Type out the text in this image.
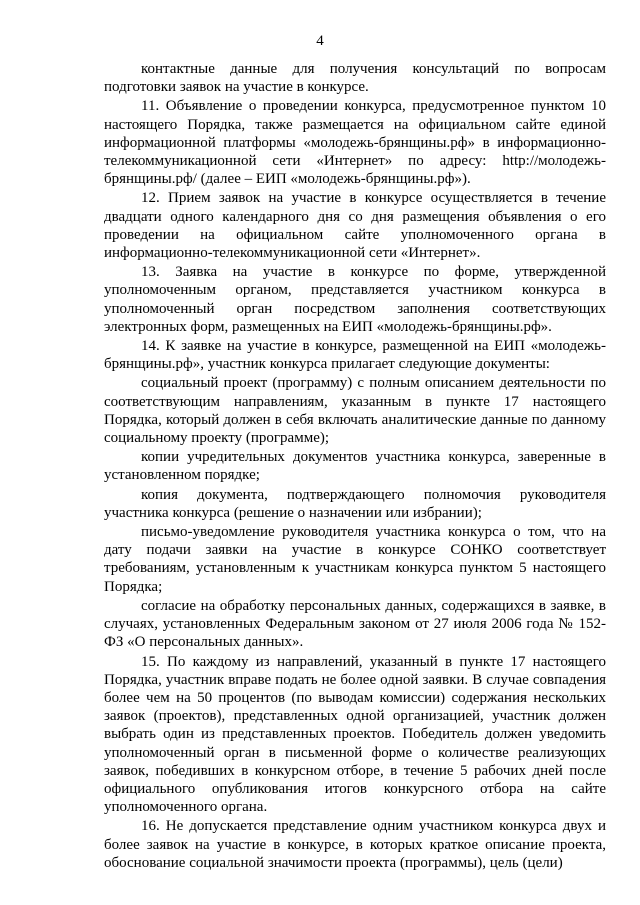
4

контактные данные для получения консультаций по вопросам подготовки заявок на участие в конкурсе.

11. Объявление о проведении конкурса, предусмотренное пунктом 10 настоящего Порядка, также размещается на официальном сайте единой информационной платформы «молодежь-брянщины.рф» в информационно-телекоммуникационной сети «Интернет» по адресу: http://молодежь-брянщины.рф/ (далее – ЕИП «молодежь-брянщины.рф»).

12. Прием заявок на участие в конкурсе осуществляется в течение двадцати одного календарного дня со дня размещения объявления о его проведении на официальном сайте уполномоченного органа в информационно-телекоммуникационной сети «Интернет».

13. Заявка на участие в конкурсе по форме, утвержденной уполномоченным органом, представляется участником конкурса в уполномоченный орган посредством заполнения соответствующих электронных форм, размещенных на ЕИП «молодежь-брянщины.рф».

14. К заявке на участие в конкурсе, размещенной на ЕИП «молодежь-брянщины.рф», участник конкурса прилагает следующие документы:

социальный проект (программу) с полным описанием деятельности по соответствующим направлениям, указанным в пункте 17 настоящего Порядка, который должен в себя включать аналитические данные по данному социальному проекту (программе);

копии учредительных документов участника конкурса, заверенные в установленном порядке;

копия документа, подтверждающего полномочия руководителя участника конкурса (решение о назначении или избрании);

письмо-уведомление руководителя участника конкурса о том, что на дату подачи заявки на участие в конкурсе СОНКО соответствует требованиям, установленным к участникам конкурса пунктом 5 настоящего Порядка;

согласие на обработку персональных данных, содержащихся в заявке, в случаях, установленных Федеральным законом от 27 июля 2006 года № 152-ФЗ «О персональных данных».

15. По каждому из направлений, указанный в пункте 17 настоящего Порядка, участник вправе подать не более одной заявки. В случае совпадения более чем на 50 процентов (по выводам комиссии) содержания нескольких заявок (проектов), представленных одной организацией, участник должен выбрать один из представленных проектов. Победитель должен уведомить уполномоченный орган в письменной форме о количестве реализующих заявок, победивших в конкурсном отборе, в течение 5 рабочих дней после официального опубликования итогов конкурсного отбора на сайте уполномоченного органа.

16. Не допускается представление одним участником конкурса двух и более заявок на участие в конкурсе, в которых краткое описание проекта, обоснование социальной значимости проекта (программы), цель (цели)
